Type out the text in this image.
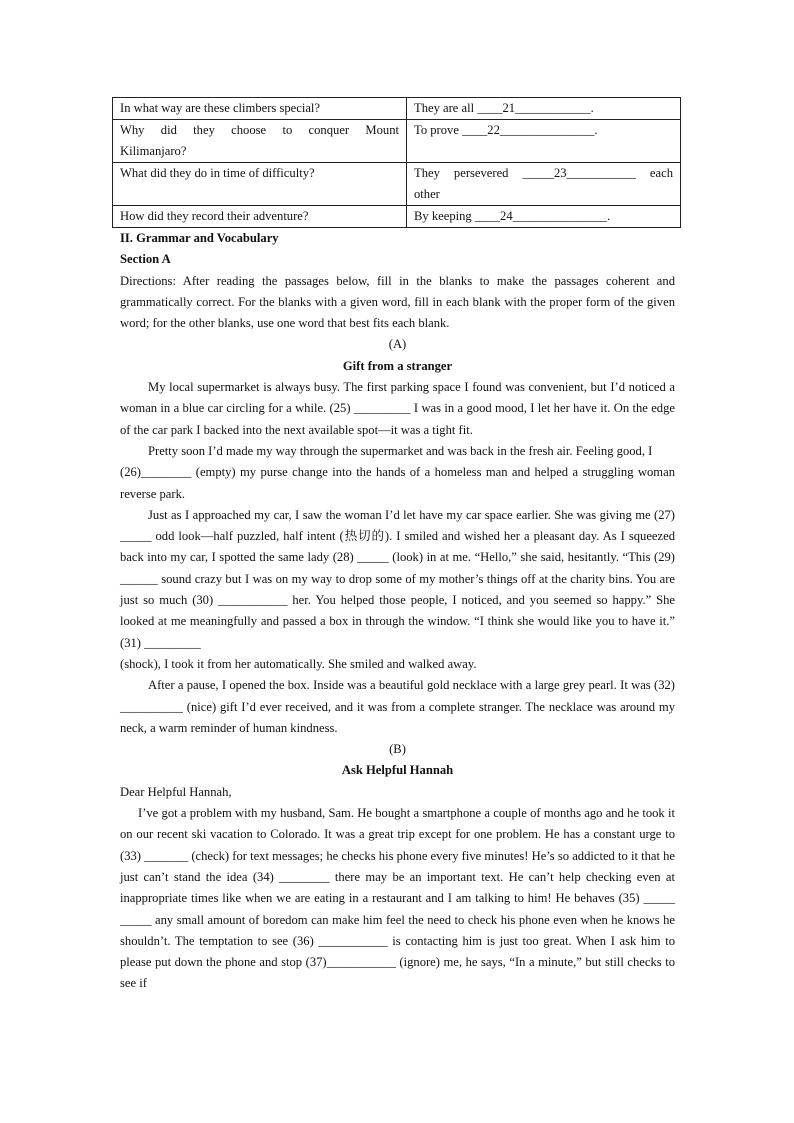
In what way are these climbers special?	They are all ____21____________.

Why did they choose to conquer Mount
Kilimanjaro?	To prove ____22_______________.
What did they do in time of difficulty?	They persevered _____23___________ each
other

How did they record their adventure?	By keeping ____24_______________.

II. Grammar and Vocabulary

Section A

Directions: After reading the passages below, fill in the blanks to make the passages coherent and grammatically correct. For the blanks with a given word, fill in each blank with the proper form of the given word; for the other blanks, use one word that best fits each blank.

(A)

Gift from a stranger

My local supermarket is always busy. The first parking space I found was convenient, but I’d noticed a woman in a blue car circling for a while. (25) _________ I was in a good mood, I let her have it. On the edge of the car park I backed into the next available spot—it was a tight fit.

Pretty soon I’d made my way through the supermarket and was back in the fresh air. Feeling good, I

(26)________ (empty) my purse change into the hands of a homeless man and helped a struggling woman reverse park.

Just as I approached my car, I saw the woman I’d let have my car space earlier. She was giving me (27) _____ odd look—half puzzled, half intent (热切的). I smiled and wished her a pleasant day. As I squeezed back into my car, I spotted the same lady (28) _____ (look) in at me. “Hello,” she said, hesitantly. “This (29) ______ sound crazy but I was on my way to drop some of my mother’s things off at the charity bins. You are just so much (30) ___________ her. You helped those people, I noticed, and you seemed so happy.” She looked at me meaningfully and passed a box in through the window. “I think she would like you to have it.” (31) _________

(shock), I took it from her automatically. She smiled and walked away.

After a pause, I opened the box. Inside was a beautiful gold necklace with a large grey pearl. It was (32) __________ (nice) gift I’d ever received, and it was from a complete stranger. The necklace was around my neck, a warm reminder of human kindness.

(B)

Ask Helpful Hannah

Dear Helpful Hannah,

I’ve got a problem with my husband, Sam. He bought a smartphone a couple of months ago and he took it on our recent ski vacation to Colorado. It was a great trip except for one problem. He has a constant urge to (33) _______ (check) for text messages; he checks his phone every five minutes! He’s so addicted to it that he just can’t stand the idea (34) ________ there may be an important text. He can’t help checking even at inappropriate times like when we are eating in a restaurant and I am talking to him! He behaves (35) _____ _____ any small amount of boredom can make him feel the need to check his phone even when he knows he shouldn’t. The temptation to see (36) ___________ is contacting him is just too great. When I ask him to please put down the phone and stop (37)___________ (ignore) me, he says, “In a minute,” but still checks to see if
